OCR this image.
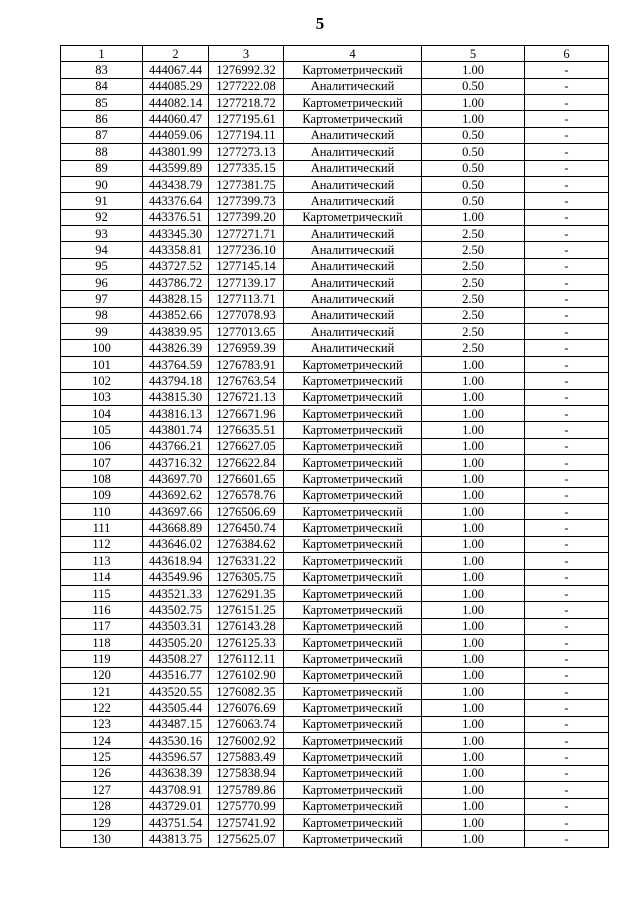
5
1	2	3	4	5	6
83	444067.44	1276992.32	Картометрический	1.00	-
84	444085.29	1277222.08	Аналитический	0.50	-
85	444082.14	1277218.72	Картометрический	1.00	-
86	444060.47	1277195.61	Картометрический	1.00	-
87	444059.06	1277194.11	Аналитический	0.50	-
88	443801.99	1277273.13	Аналитический	0.50	-
89	443599.89	1277335.15	Аналитический	0.50	-
90	443438.79	1277381.75	Аналитический	0.50	-
91	443376.64	1277399.73	Аналитический	0.50	-
92	443376.51	1277399.20	Картометрический	1.00	-
93	443345.30	1277271.71	Аналитический	2.50	-
94	443358.81	1277236.10	Аналитический	2.50	-
95	443727.52	1277145.14	Аналитический	2.50	-
96	443786.72	1277139.17	Аналитический	2.50	-
97	443828.15	1277113.71	Аналитический	2.50	-
98	443852.66	1277078.93	Аналитический	2.50	-
99	443839.95	1277013.65	Аналитический	2.50	-
100	443826.39	1276959.39	Аналитический	2.50	-
101	443764.59	1276783.91	Картометрический	1.00	-
102	443794.18	1276763.54	Картометрический	1.00	-
103	443815.30	1276721.13	Картометрический	1.00	-
104	443816.13	1276671.96	Картометрический	1.00	-
105	443801.74	1276635.51	Картометрический	1.00	-
106	443766.21	1276627.05	Картометрический	1.00	-
107	443716.32	1276622.84	Картометрический	1.00	-
108	443697.70	1276601.65	Картометрический	1.00	-
109	443692.62	1276578.76	Картометрический	1.00	-
110	443697.66	1276506.69	Картометрический	1.00	-
111	443668.89	1276450.74	Картометрический	1.00	-
112	443646.02	1276384.62	Картометрический	1.00	-
113	443618.94	1276331.22	Картометрический	1.00	-
114	443549.96	1276305.75	Картометрический	1.00	-
115	443521.33	1276291.35	Картометрический	1.00	-
116	443502.75	1276151.25	Картометрический	1.00	-
117	443503.31	1276143.28	Картометрический	1.00	-
118	443505.20	1276125.33	Картометрический	1.00	-
119	443508.27	1276112.11	Картометрический	1.00	-
120	443516.77	1276102.90	Картометрический	1.00	-
121	443520.55	1276082.35	Картометрический	1.00	-
122	443505.44	1276076.69	Картометрический	1.00	-
123	443487.15	1276063.74	Картометрический	1.00	-
124	443530.16	1276002.92	Картометрический	1.00	-
125	443596.57	1275883.49	Картометрический	1.00	-
126	443638.39	1275838.94	Картометрический	1.00	-
127	443708.91	1275789.86	Картометрический	1.00	-
128	443729.01	1275770.99	Картометрический	1.00	-
129	443751.54	1275741.92	Картометрический	1.00	-
130	443813.75	1275625.07	Картометрический	1.00	-
